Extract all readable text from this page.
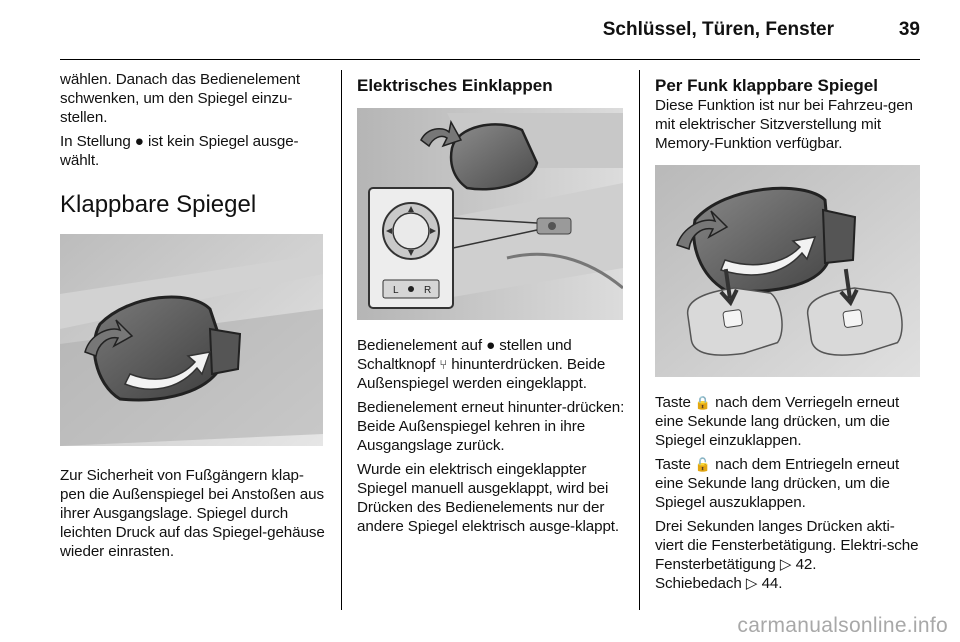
Schlüssel, Türen, Fenster	39

wählen. Danach das Bedienelement schwenken, um den Spiegel einzu-stellen.

In Stellung ● ist kein Spiegel ausge-wählt.

Klappbare Spiegel

Zur Sicherheit von Fußgängern klap-pen die Außenspiegel bei Anstoßen aus ihrer Ausgangslage. Spiegel durch leichten Druck auf das Spiegel-gehäuse wieder einrasten.

Elektrisches Einklappen
L	R

Bedienelement auf ● stellen und Schaltknopf ⑂ hinunterdrücken. Beide Außenspiegel werden eingeklappt.

Bedienelement erneut hinunter-drücken: Beide Außenspiegel kehren in ihre Ausgangslage zurück.

Wurde ein elektrisch eingeklappter Spiegel manuell ausgeklappt, wird bei Drücken des Bedienelements nur der andere Spiegel elektrisch ausge-klappt.

Per Funk klappbare Spiegel

Diese Funktion ist nur bei Fahrzeu-gen mit elektrischer Sitzverstellung mit Memory-Funktion verfügbar.

Taste 🔒 nach dem Verriegeln erneut eine Sekunde lang drücken, um die Spiegel einzuklappen.

Taste 🔓 nach dem Entriegeln erneut eine Sekunde lang drücken, um die Spiegel auszuklappen.

Drei Sekunden langes Drücken akti-viert die Fensterbetätigung. Elektri-sche Fensterbetätigung ▷ 42.
Schiebedach ▷ 44.

carmanualsonline.info
